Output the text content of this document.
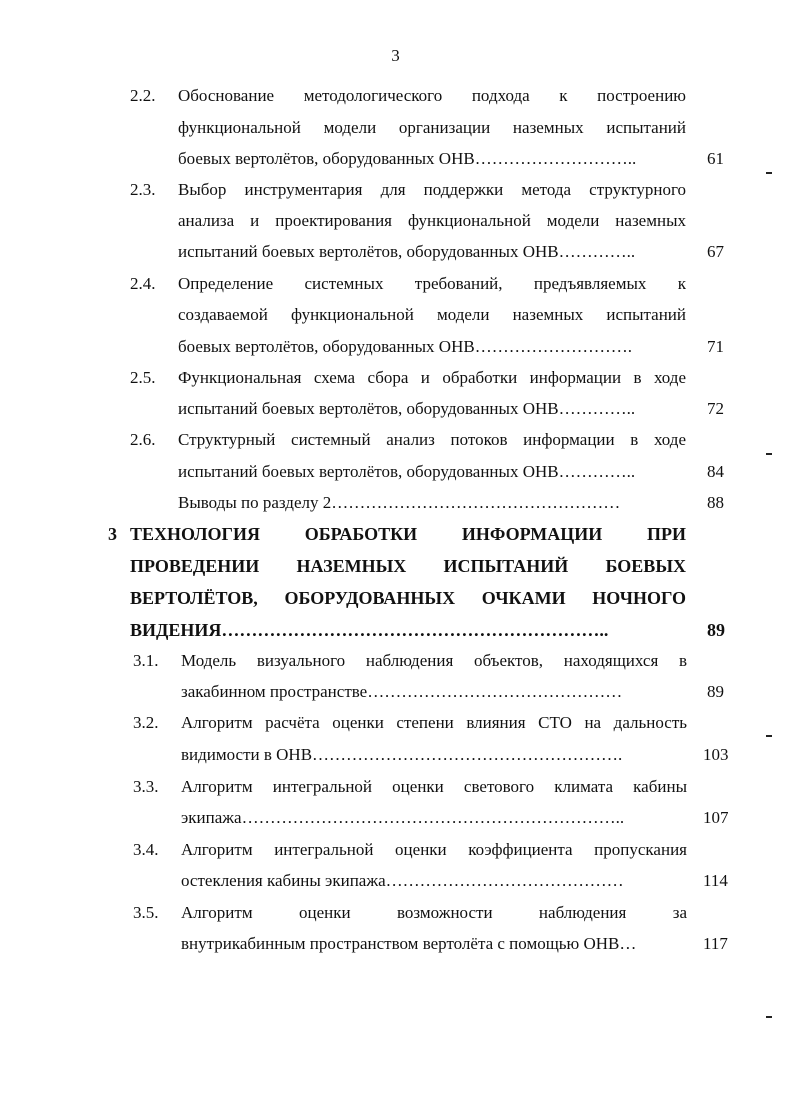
3
2.2. Обоснование методологического подхода к построению
функциональной модели организации наземных испытаний
боевых вертолётов, оборудованных ОНВ………………………..	61
2.3. Выбор инструментария для поддержки метода структурного
анализа и проектирования функциональной модели наземных
испытаний боевых вертолётов, оборудованных ОНВ…………..	67
2.4. Определение системных требований, предъявляемых к
создаваемой функциональной модели наземных испытаний
боевых вертолётов, оборудованных ОНВ……………………….	71
2.5. Функциональная схема сбора и обработки информации в ходе
испытаний боевых вертолётов, оборудованных ОНВ…………..	72
2.6. Структурный системный анализ потоков информации в ходе
испытаний боевых вертолётов, оборудованных ОНВ…………..	84
Выводы по разделу 2……………………………………………	88
3 ТЕХНОЛОГИЯ ОБРАБОТКИ ИНФОРМАЦИИ ПРИ
ПРОВЕДЕНИИ НАЗЕМНЫХ ИСПЫТАНИЙ БОЕВЫХ
ВЕРТОЛЁТОВ, ОБОРУДОВАННЫХ ОЧКАМИ НОЧНОГО
ВИДЕНИЯ………………………………………………………..	89
3.1. Модель визуального наблюдения объектов, находящихся в
закабинном пространстве………………………………………	89
3.2. Алгоритм расчёта оценки степени влияния СТО на дальность
видимости в ОНВ……………………………………………….	103
3.3. Алгоритм интегральной оценки светового климата кабины
экипажа…………………………………………………………..	107
3.4. Алгоритм интегральной оценки коэффициента пропускания
остекления кабины экипажа……………………………………	114
3.5. Алгоритм оценки возможности наблюдения за
внутрикабинным пространством вертолёта с помощью ОНВ…	117
